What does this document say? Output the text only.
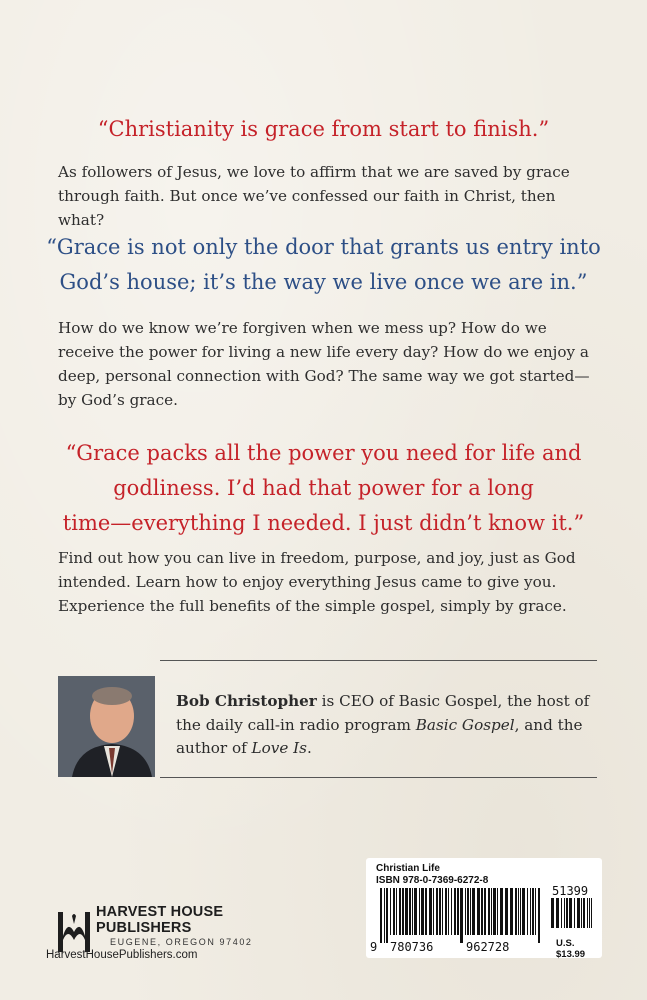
“Christianity is grace from start to finish.”
As followers of Jesus, we love to affirm that we are saved by grace through faith. But once we’ve confessed our faith in Christ, then what?
“Grace is not only the door that grants us entry into
God’s house; it’s the way we live once we are in.”
How do we know we’re forgiven when we mess up? How do we receive the power for living a new life every day? How do we enjoy a deep, personal connection with God? The same way we got started—by God’s grace.
“Grace packs all the power you need for life and
godliness. I’d had that power for a long
time—everything I needed. I just didn’t know it.”
Find out how you can live in freedom, purpose, and joy, just as God intended. Learn how to enjoy everything Jesus came to give you. Experience the full benefits of the simple gospel, simply by grace.
Bob Christopher is CEO of Basic Gospel, the host of the daily call-in radio program Basic Gospel, and the author of Love Is.
HARVEST HOUSE
PUBLISHERS
EUGENE, OREGON 97402
HarvestHousePublishers.com
Christian Life
ISBN 978-0-7369-6272-8
51399
9 780736	962728	U.S. $13.99
